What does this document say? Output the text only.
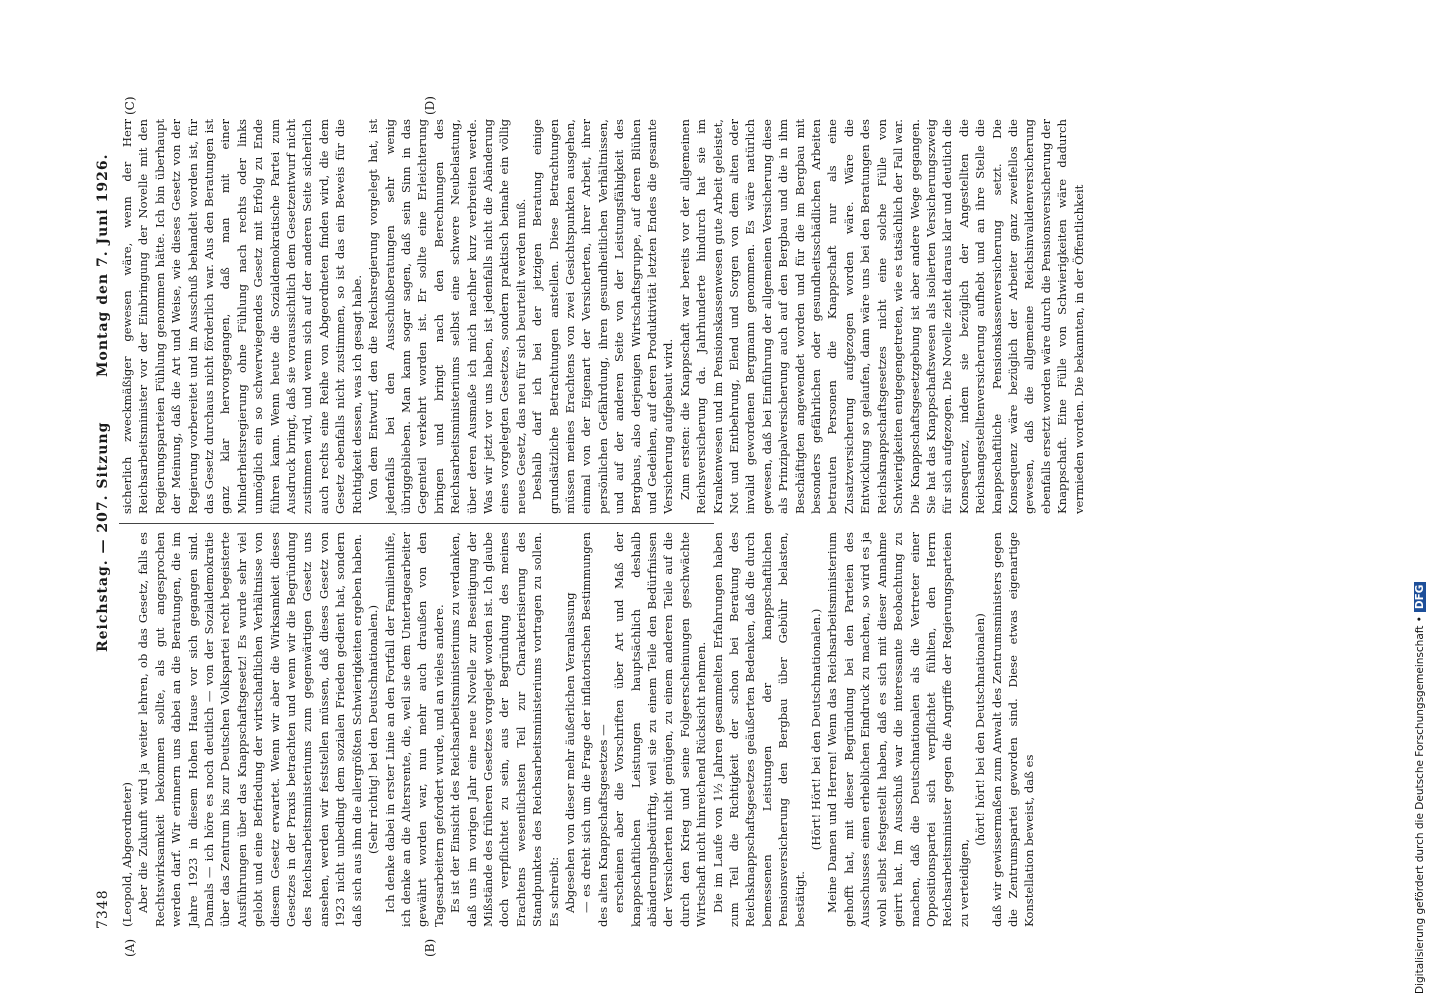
7348
Reichstag. — 207. Sitzung
Montag den 7. Juni 1926.
(A)	(B)
(C)	(D)

(Leopold, Abgeordneter) Aber die Zukunft wird ja weiter lehren, ob das Gesetz, falls es Rechtswirksamkeit bekommen sollte, als gut angesprochen werden darf. Wir erinnern uns dabei an die Beratungen, die im Jahre 1923 in diesem Hohen Hause vor sich gegangen sind. Damals — ich höre es noch deutlich — von der Sozialdemokratie über das Zentrum bis zur Deutschen Volkspartei recht begeisterte Ausführungen über das Knappschaftsgesetz! Es wurde sehr viel gelobt und eine Befriedung der wirtschaftlichen Verhältnisse von diesem Gesetz erwartet. Wenn wir aber die Wirksamkeit dieses Gesetzes in der Praxis betrachten und wenn wir die Begründung des Reichsarbeitsministeriums zum gegenwärtigen Gesetz uns ansehen, werden wir feststellen müssen, daß dieses Gesetz von 1923 nicht unbedingt dem sozialen Frieden gedient hat, sondern daß sich aus ihm die allergrößten Schwierigkeiten ergeben haben. (Sehr richtig! bei den Deutschnationalen.) Ich denke dabei in erster Linie an den Fortfall der Familienhilfe, ich denke an die Altersrente, die, weil sie dem Untertagearbeiter gewährt worden war, nun mehr auch draußen von den Tagesarbeitern gefordert wurde, und an vieles andere. Es ist der Einsicht des Reichsarbeitsministeriums zu verdanken, daß uns im vorigen Jahr eine neue Novelle zur Beseitigung der Mißstände des früheren Gesetzes vorgelegt worden ist. Ich glaube doch verpflichtet zu sein, aus der Begründung des meines Erachtens wesentlichsten Teil zur Charakterisierung des Standpunktes des Reichsarbeitsministeriums vortragen zu sollen. Es schreibt: Abgesehen von dieser mehr äußerlichen Veranlassung — es dreht sich um die Frage der inflatorischen Bestimmungen des alten Knappschaftsgesetzes — erscheinen aber die Vorschriften über Art und Maß der knappschaftlichen Leistungen hauptsächlich deshalb abänderungsbedürftig, weil sie zu einem Teile den Bedürfnissen der Versicherten nicht genügen, zu einem anderen Teile auf die durch den Krieg und seine Folgeerscheinungen geschwächte Wirtschaft nicht hinreichend Rücksicht nehmen. Die im Laufe von 1½ Jahren gesammelten Erfahrungen haben zum Teil die Richtigkeit der schon bei Beratung des Reichsknappschaftsgesetzes geäußerten Bedenken, daß die durch bemessenen Leistungen der knappschaftlichen Pensionsversicherung den Bergbau über Gebühr belasten, bestätigt.

(Hört! Hört! bei den Deutschnationalen.) Meine Damen und Herren! Wenn das Reichsarbeitsministerium gehofft hat, mit dieser Begründung bei den Parteien des Ausschusses einen erheblichen Eindruck zu machen, so wird es ja wohl selbst festgestellt haben, daß es sich mit dieser Annahme geirrt hat. Im Ausschuß war die interessante Beobachtung zu machen, daß die Deutschnationalen als die Vertreter einer Oppositionspartei sich verpflichtet fühlten, den Herrn Reichsarbeitsminister gegen die Angriffe der Regierungsparteien zu verteidigen,

(hört! hört! bei den Deutschnationalen) daß wir gewissermaßen zum Anwalt des Zentrumsministers gegen die Zentrumspartei geworden sind. Diese etwas eigenartige Konstellation beweist, daß es

sicherlich zweckmäßiger gewesen wäre, wenn der Herr Reichsarbeitsminister vor der Einbringung der Novelle mit den Regierungsparteien Fühlung genommen hätte. Ich bin überhaupt der Meinung, daß die Art und Weise, wie dieses Gesetz von der Regierung vorbereitet und im Ausschuß behandelt worden ist, für das Gesetz durchaus nicht förderlich war. Aus den Beratungen ist ganz klar hervorgegangen, daß man mit einer Minderheitsregierung ohne Fühlung nach rechts oder links unmöglich ein so schwerwiegendes Gesetz mit Erfolg zu Ende führen kann. Wenn heute die Sozialdemokratische Partei zum Ausdruck bringt, daß sie voraussichtlich dem Gesetzentwurf nicht zustimmen wird, und wenn sich auf der anderen Seite sicherlich auch rechts eine Reihe von Abgeordneten finden wird, die dem Gesetz ebenfalls nicht zustimmen, so ist das ein Beweis für die Richtigkeit dessen, was ich gesagt habe. Von dem Entwurf, den die Reichsregierung vorgelegt hat, ist jedenfalls bei den Ausschußberatungen sehr wenig übriggeblieben. Man kann sogar sagen, daß sein Sinn in das Gegenteil verkehrt worden ist. Er sollte eine Erleichterung bringen und bringt nach den Berechnungen des Reichsarbeitsministeriums selbst eine schwere Neubelastung, über deren Ausmaße ich mich nachher kurz verbreiten werde. Was wir jetzt vor uns haben, ist jedenfalls nicht die Abänderung eines vorgelegten Gesetzes, sondern praktisch beinahe ein völlig neues Gesetz, das neu für sich beurteilt werden muß. Deshalb darf ich bei der jetzigen Beratung einige grundsätzliche Betrachtungen anstellen. Diese Betrachtungen müssen meines Erachtens von zwei Gesichtspunkten ausgehen, einmal von der Eigenart der Versicherten, ihrer Arbeit, ihrer persönlichen Gefährdung, ihren gesundheitlichen Verhältnissen, und auf der anderen Seite von der Leistungsfähigkeit des Bergbaus, also derjenigen Wirtschaftsgruppe, auf deren Blühen und Gedeihen, auf deren Produktivität letzten Endes die gesamte Versicherung aufgebaut wird. Zum ersten: die Knappschaft war bereits vor der allgemeinen Reichsversicherung da. Jahrhunderte hindurch hat sie im Krankenwesen und im Pensionskassenwesen gute Arbeit geleistet, Not und Entbehrung, Elend und Sorgen von dem alten oder invalid gewordenen Bergmann genommen. Es wäre natürlich gewesen, daß bei Einführung der allgemeinen Versicherung diese als Prinzipalversicherung auch auf den Bergbau und die in ihm Beschäftigten angewendet worden und für die im Bergbau mit besonders gefährlichen oder gesundheitsschädlichen Arbeiten betrauten Personen die Knappschaft nur als eine Zusatzversicherung aufgezogen worden wäre. Wäre die Entwicklung so gelaufen, dann wäre uns bei den Beratungen des Reichsknappschaftsgesetzes nicht eine solche Fülle von Schwierigkeiten entgegengetreten, wie es tatsächlich der Fall war. Die Knappschaftsgesetzgebung ist aber andere Wege gegangen. Sie hat das Knappschaftswesen als isolierten Versicherungszweig für sich aufgezogen. Die Novelle zieht daraus klar und deutlich die Konsequenz, indem sie bezüglich der Angestellten die Reichsangestelltenversicherung aufhebt und an ihre Stelle die knappschaftliche Pensionskassenversicherung setzt. Die Konsequenz wäre bezüglich der Arbeiter ganz zweifellos die gewesen, daß die allgemeine Reichsinvalidenversicherung ebenfalls ersetzt worden wäre durch die Pensionsversicherung der Knappschaft. Eine Fülle von Schwierigkeiten wäre dadurch vermieden worden. Die bekannten, in der Öffentlichkeit

Digitalisierung gefördert durch die Deutsche Forschungsgemeinschaft •DFG
